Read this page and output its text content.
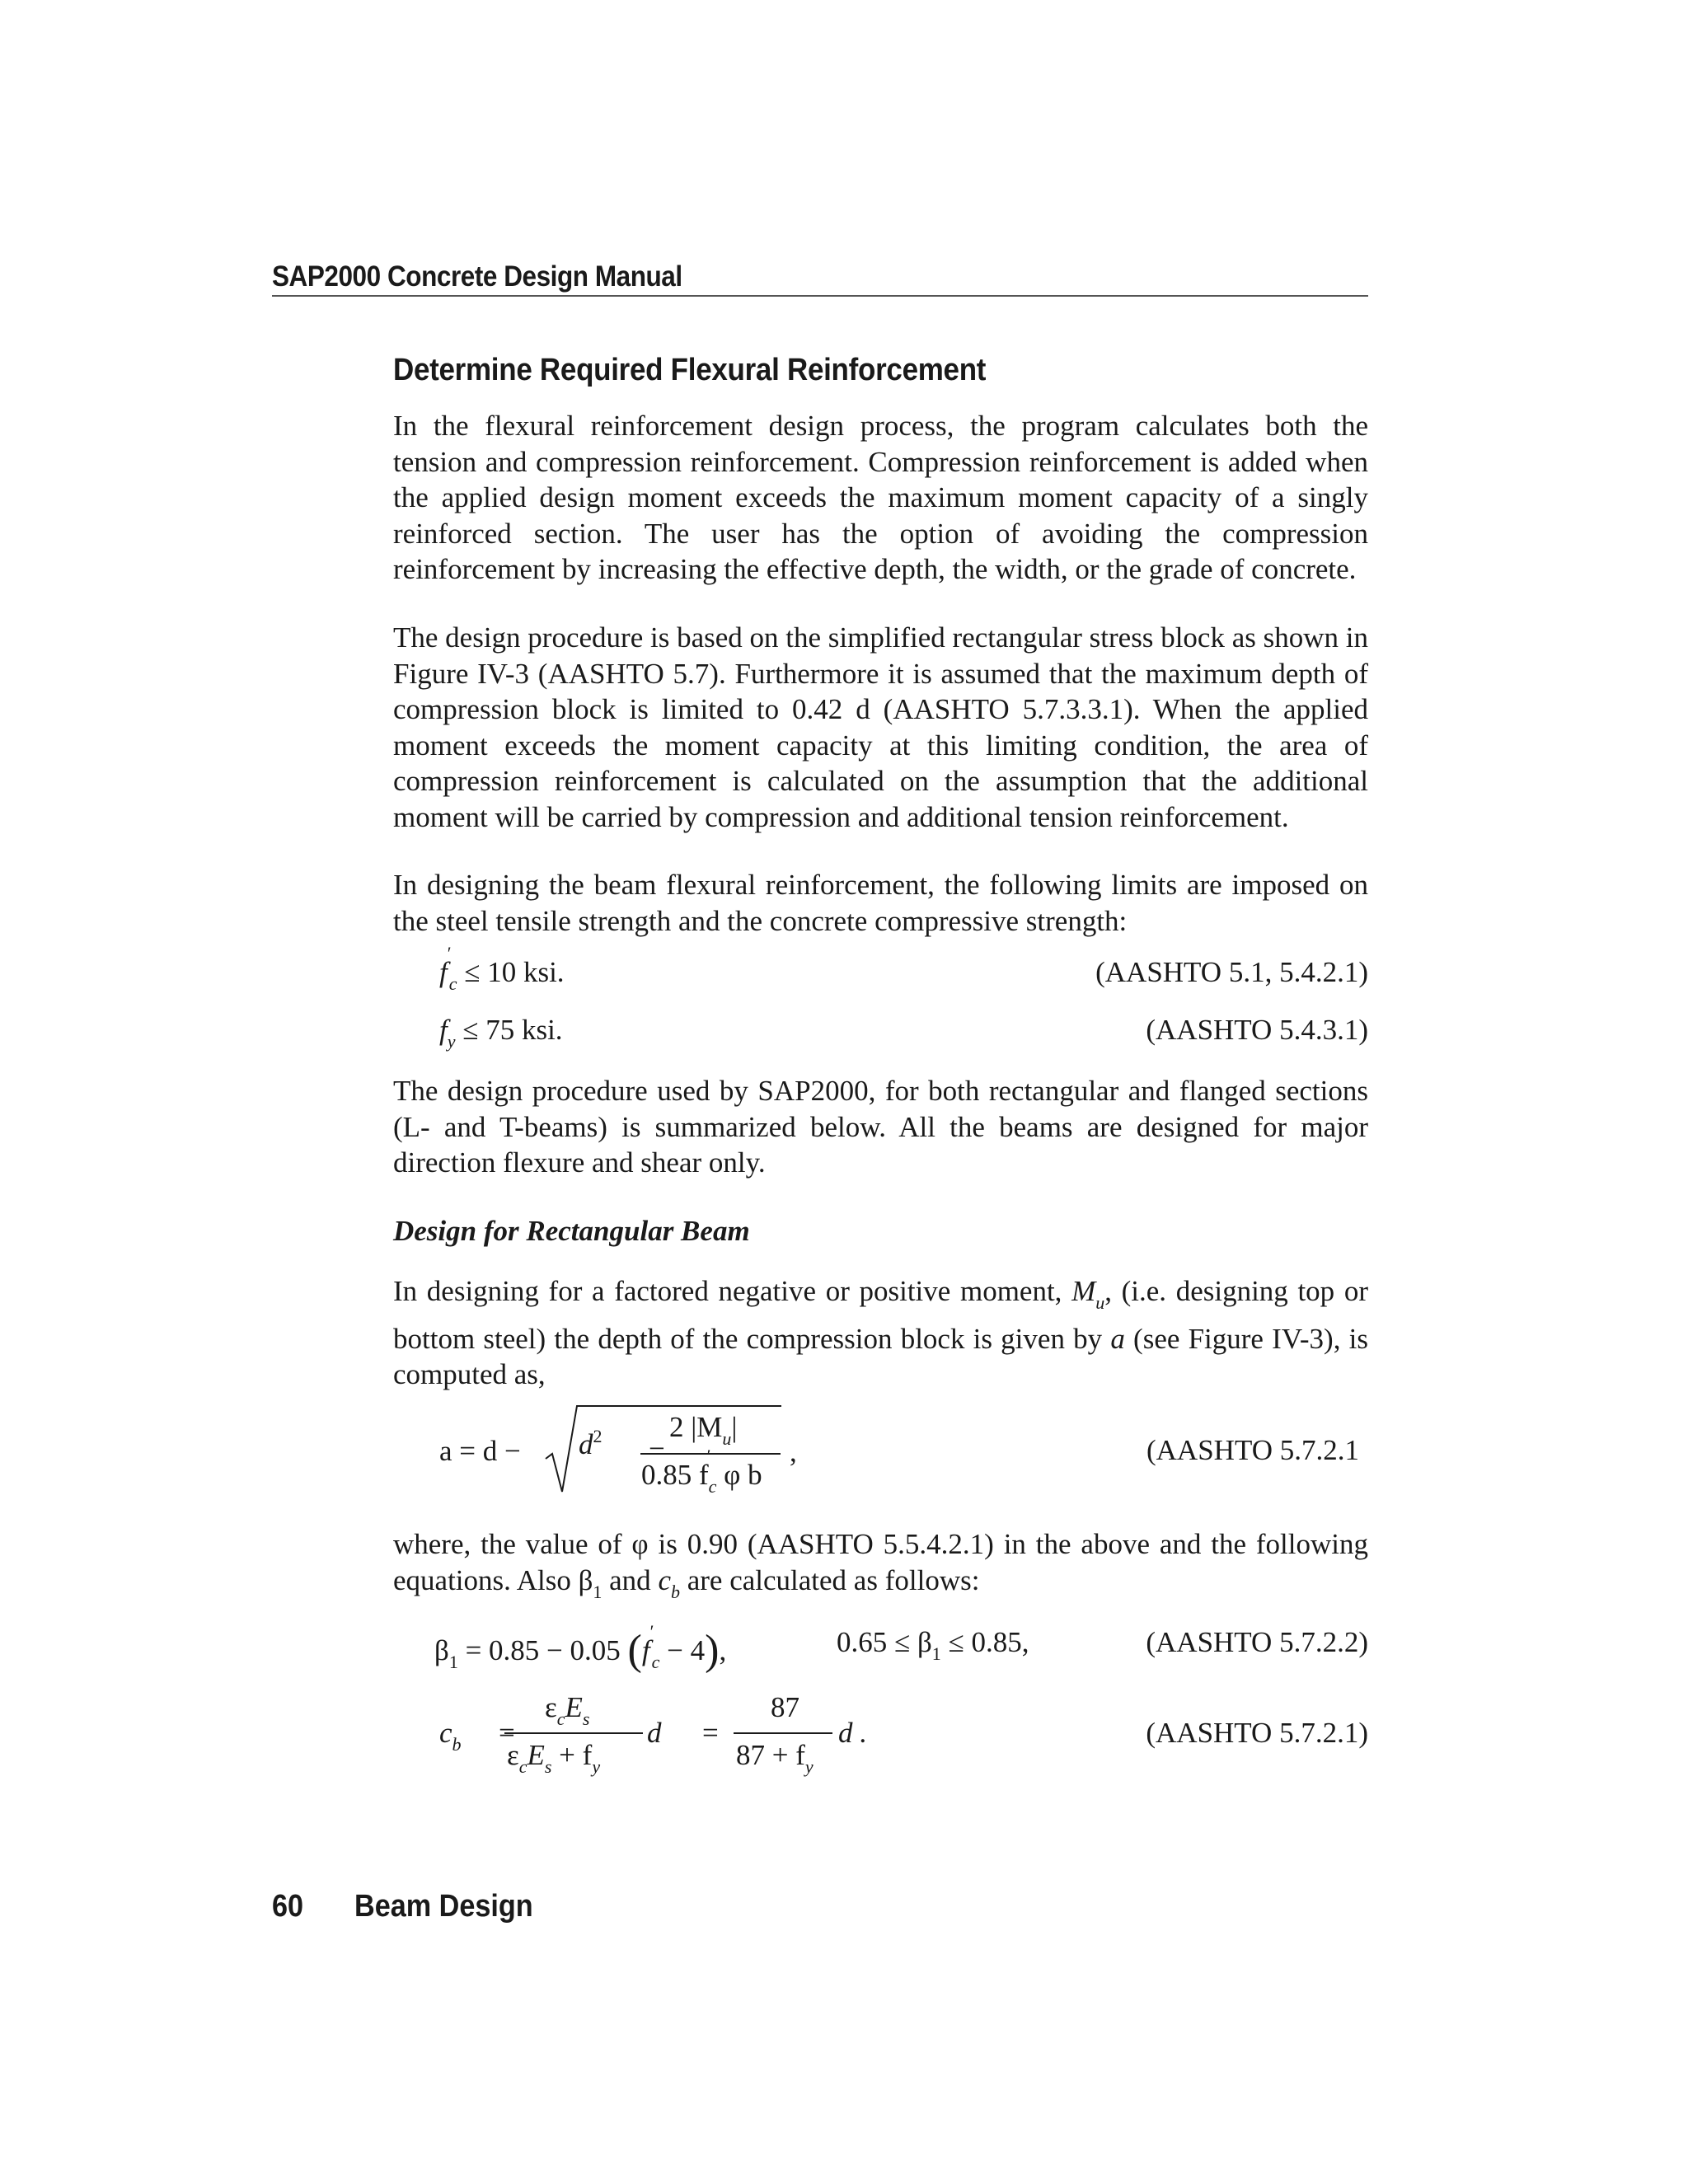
SAP2000 Concrete Design Manual
Determine Required Flexural Reinforcement
In the flexural reinforcement design process, the program calculates both the tension and compression reinforcement. Compression reinforcement is added when the applied design moment exceeds the maximum moment capacity of a singly reinforced section. The user has the option of avoiding the compression reinforcement by increasing the effective depth, the width, or the grade of concrete.
The design procedure is based on the simplified rectangular stress block as shown in Figure IV-3 (AASHTO 5.7). Furthermore it is assumed that the maximum depth of compression block is limited to 0.42 d (AASHTO 5.7.3.3.1). When the applied moment exceeds the moment capacity at this limiting condition, the area of compression reinforcement is calculated on the assumption that the additional moment will be carried by compression and additional tension reinforcement.
In designing the beam flexural reinforcement, the following limits are imposed on the steel tensile strength and the concrete compressive strength:
f
′
$_c$ ≤ 10 ksi.	(AASHTO 5.1, 5.4.2.1)
$f_y \le 75$ ksi.	(AASHTO 5.4.3.1)
The design procedure used by SAP2000, for both rectangular and flanged sections (L- and T-beams) is summarized below. All the beams are designed for major direction flexure and shear only.
Design for Rectangular Beam
In designing for a factored negative or positive moment, $M_u$, (i.e. designing top or bottom steel) the depth of the compression block is given by a (see Figure IV-3), is computed as,
$a = d - d^2$ −
2 $|M_u|$
0.85 f
′
$_c$ φ b
,	(AASHTO 5.7.2.1
where, the value of φ is 0.90 (AASHTO 5.5.4.2.1) in the above and the following equations. Also $\beta_1$ and $c_b$ are calculated as follows:
$\beta_1 = 0.85 - 0.05$ (f
′
$_c$ − 4),	$0.65 \le \beta_1 \le 0.85$,	(AASHTO 5.7.2.2)
$c_b$ =
$\varepsilon_cE_s$
$\varepsilon_cE_s + f_y$
d =
87
$87 + f_y$
d .	(AASHTO 5.7.2.1)
60 Beam Design
